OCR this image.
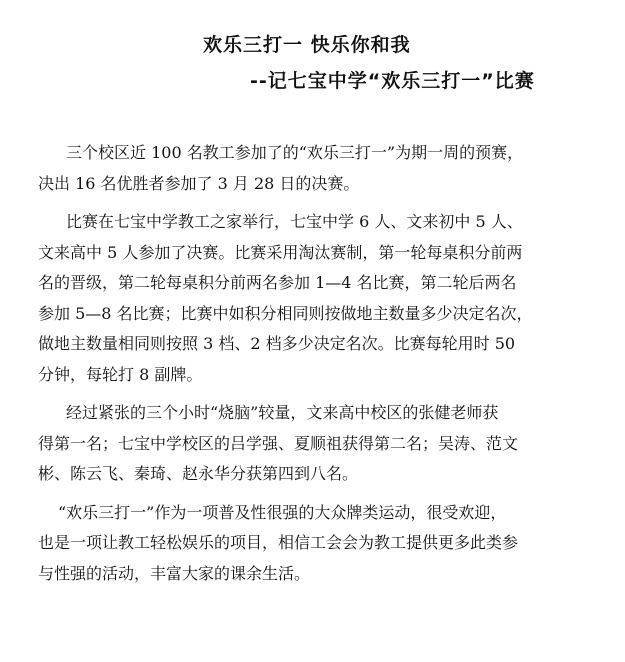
欢乐三打一 快乐你和我
--记七宝中学“欢乐三打一”比赛
三个校区近 100 名教工参加了的“欢乐三打一”为期一周的预赛，
决出 16 名优胜者参加了 3 月 28 日的决赛。
比赛在七宝中学教工之家举行，七宝中学 6 人、文来初中 5 人、
文来高中 5 人参加了决赛。比赛采用淘汰赛制，第一轮每桌积分前两
名的晋级，第二轮每桌积分前两名参加 1—4 名比赛，第二轮后两名
参加 5—8 名比赛；比赛中如积分相同则按做地主数量多少决定名次，
做地主数量相同则按照 3 档、2 档多少决定名次。比赛每轮用时 50
分钟，每轮打 8 副牌。
经过紧张的三个小时“烧脑”较量，文来高中校区的张健老师获
得第一名；七宝中学校区的吕学强、夏顺祖获得第二名；吴涛、范文
彬、陈云飞、秦琦、赵永华分获第四到八名。
“欢乐三打一”作为一项普及性很强的大众牌类运动，很受欢迎，
也是一项让教工轻松娱乐的项目，相信工会会为教工提供更多此类参
与性强的活动，丰富大家的课余生活。
